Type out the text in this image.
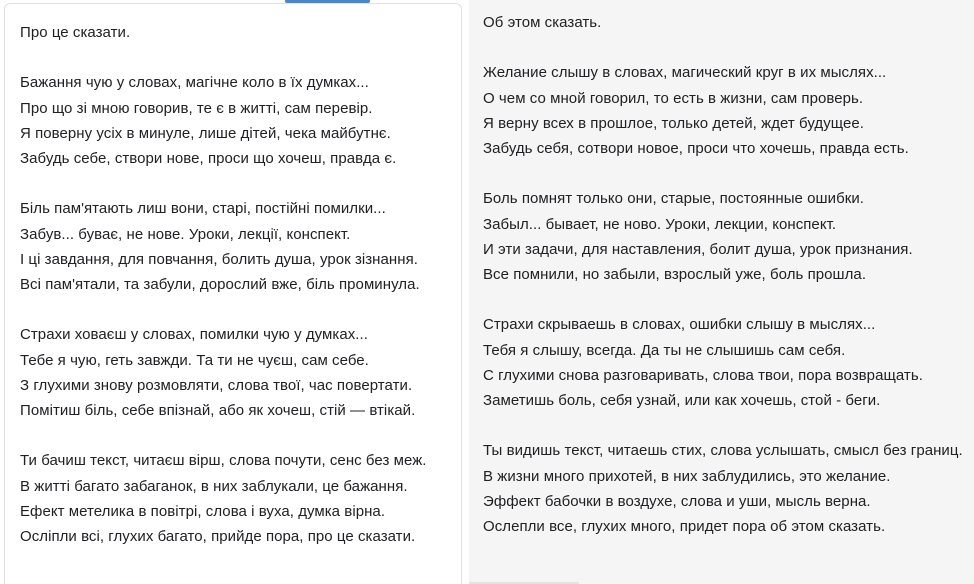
Про це сказати.
Бажання чую у словах, магічне коло в їх думках...
Про що зі мною говорив, те є в житті, сам перевір.
Я поверну усіх в минуле, лише дітей, чека майбутнє.
Забудь себе, створи нове, проси що хочеш, правда є.
Біль пам'ятають лиш вони, старі, постійні помилки...
Забув... буває, не нове. Уроки, лекції, конспект.
І ці завдання, для повчання, болить душа, урок зізнання.
Всі пам'ятали, та забули, дорослий вже, біль проминула.
Страхи ховаєш у словах, помилки чую у думках...
Тебе я чую, геть завжди. Та ти не чуєш, сам себе.
З глухими знову розмовляти, слова твої, час повертати.
Помітиш біль, себе впізнай, або як хочеш, стій — втікай.
Ти бачиш текст, читаєш вірш, слова почути, сенс без меж.
В житті багато забаганок, в них заблукали, це бажання.
Ефект метелика в повітрі, слова і вуха, думка вірна.
Осліпли всі, глухих багато, прийде пора, про це сказати.
Об этом сказать.
Желание слышу в словах, магический круг в их мыслях...
О чем со мной говорил, то есть в жизни, сам проверь.
Я верну всех в прошлое, только детей, ждет будущее.
Забудь себя, сотвори новое, проси что хочешь, правда есть.
Боль помнят только они, старые, постоянные ошибки.
Забыл... бывает, не ново. Уроки, лекции, конспект.
И эти задачи, для наставления, болит душа, урок признания.
Все помнили, но забыли, взрослый уже, боль прошла.
Страхи скрываешь в словах, ошибки слышу в мыслях...
Тебя я слышу, всегда. Да ты не слышишь сам себя.
С глухими снова разговаривать, слова твои, пора возвращать.
Заметишь боль, себя узнай, или как хочешь, стой - беги.
Ты видишь текст, читаешь стих, слова услышать, смысл без границ.
В жизни много прихотей, в них заблудились, это желание.
Эффект бабочки в воздухе, слова и уши, мысль верна.
Ослепли все, глухих много, придет пора об этом сказать.
